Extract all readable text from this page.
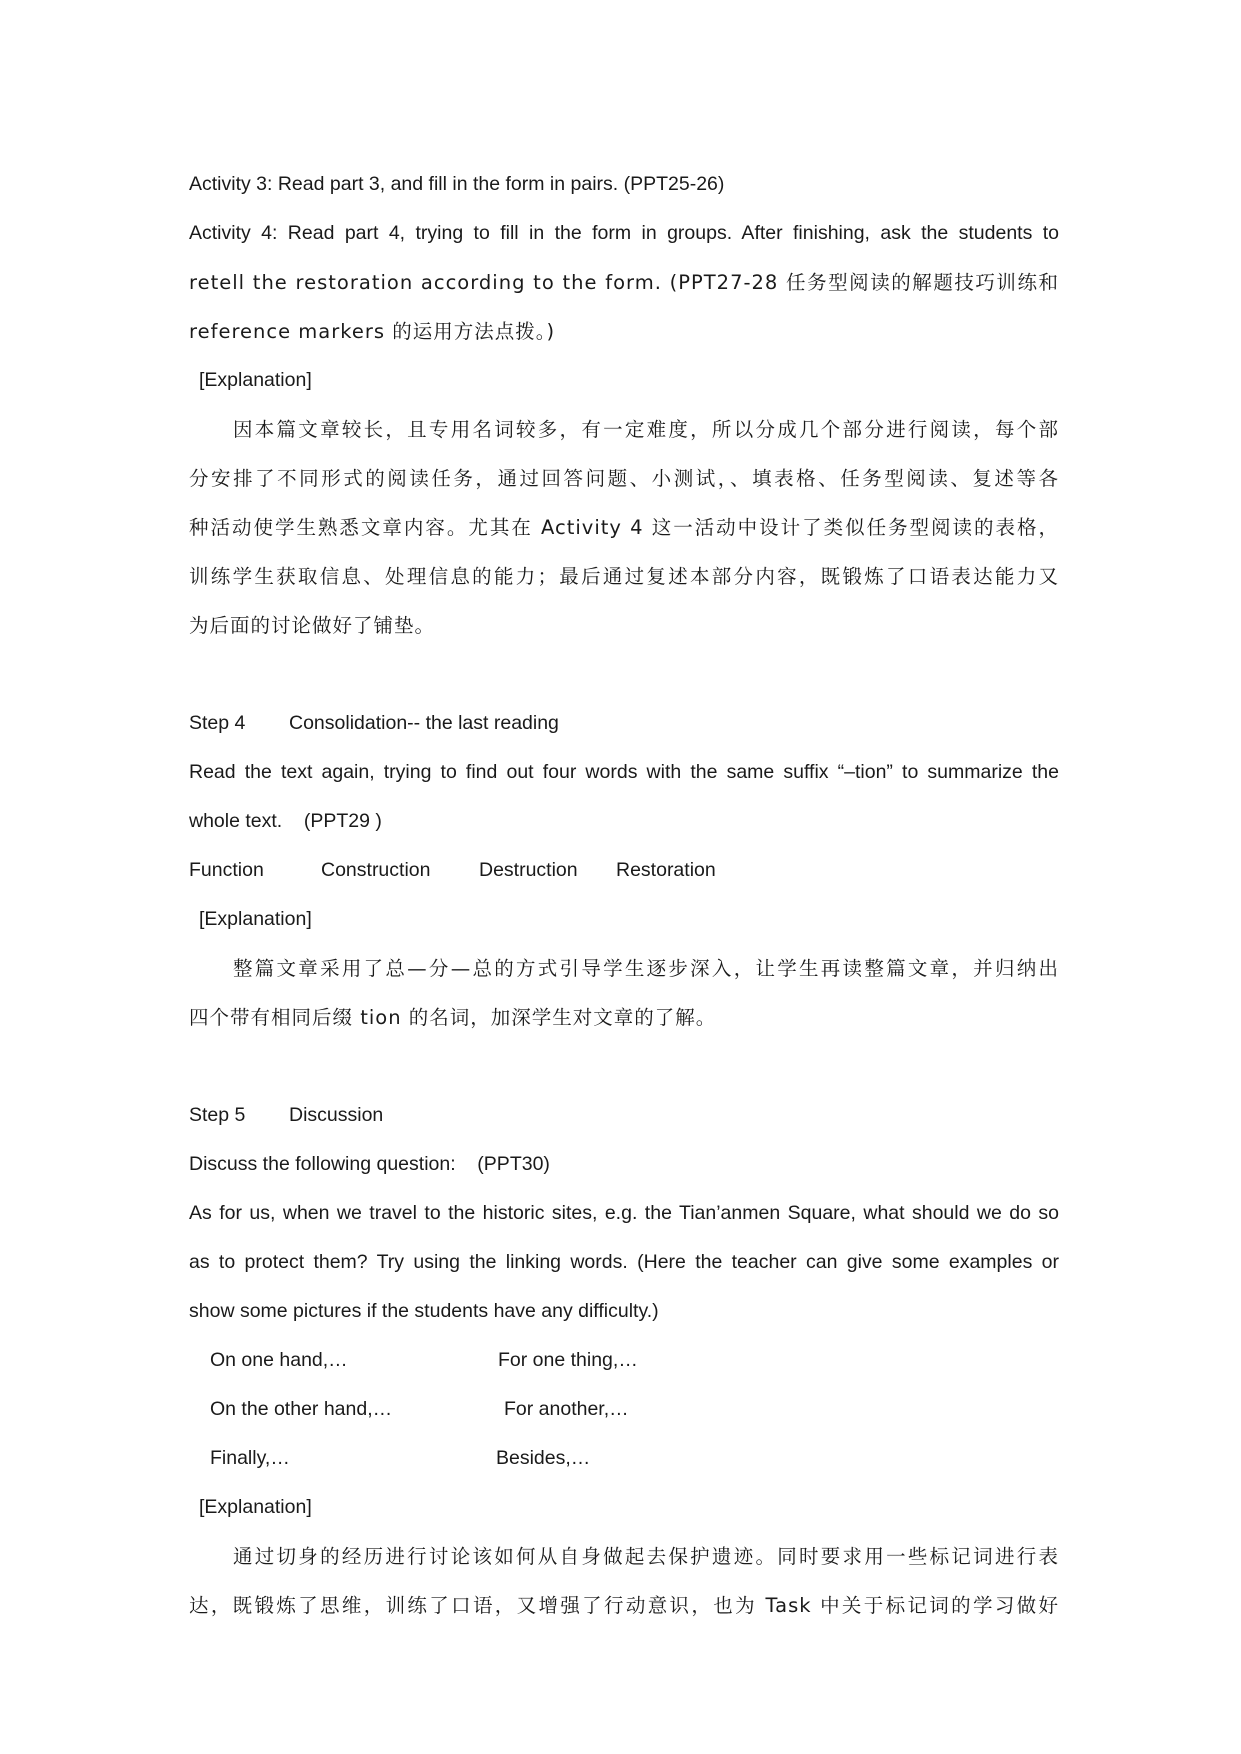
Activity 3: Read part 3, and fill in the form in pairs. (PPT25-26)
Activity 4: Read part 4, trying to fill in the form in groups. After finishing, ask the students to
retell the restoration according to the form. (PPT27-28 任务型阅读的解题技巧训练和
reference markers 的运用方法点拨。)
[Explanation]
因本篇文章较长，且专用名词较多，有一定难度，所以分成几个部分进行阅读，每个部
分安排了不同形式的阅读任务，通过回答问题、小测试，、填表格、任务型阅读、复述等各
种活动使学生熟悉文章内容。尤其在 Activity 4 这一活动中设计了类似任务型阅读的表格，
训练学生获取信息、处理信息的能力；最后通过复述本部分内容，既锻炼了口语表达能力又
为后面的讨论做好了铺垫。
Step 4 Consolidation-- the last reading
Read the text again, trying to find out four words with the same suffix “–tion” to summarize the
whole text.    (PPT29 )
Function	Construction Destruction Restoration
[Explanation]
整篇文章采用了总—分—总的方式引导学生逐步深入，让学生再读整篇文章，并归纳出
四个带有相同后缀 tion 的名词，加深学生对文章的了解。
Step 5 Discussion
Discuss the following question:    (PPT30)
As for us, when we travel to the historic sites, e.g. the Tian’anmen Square, what should we do so
as to protect them? Try using the linking words. (Here the teacher can give some examples or
show some pictures if the students have any difficulty.)
On one hand,…	For one thing,…
On the other hand,…	For another,…
Finally,…	Besides,…
[Explanation]
通过切身的经历进行讨论该如何从自身做起去保护遗迹。同时要求用一些标记词进行表
达，既锻炼了思维，训练了口语，又增强了行动意识，也为 Task 中关于标记词的学习做好
